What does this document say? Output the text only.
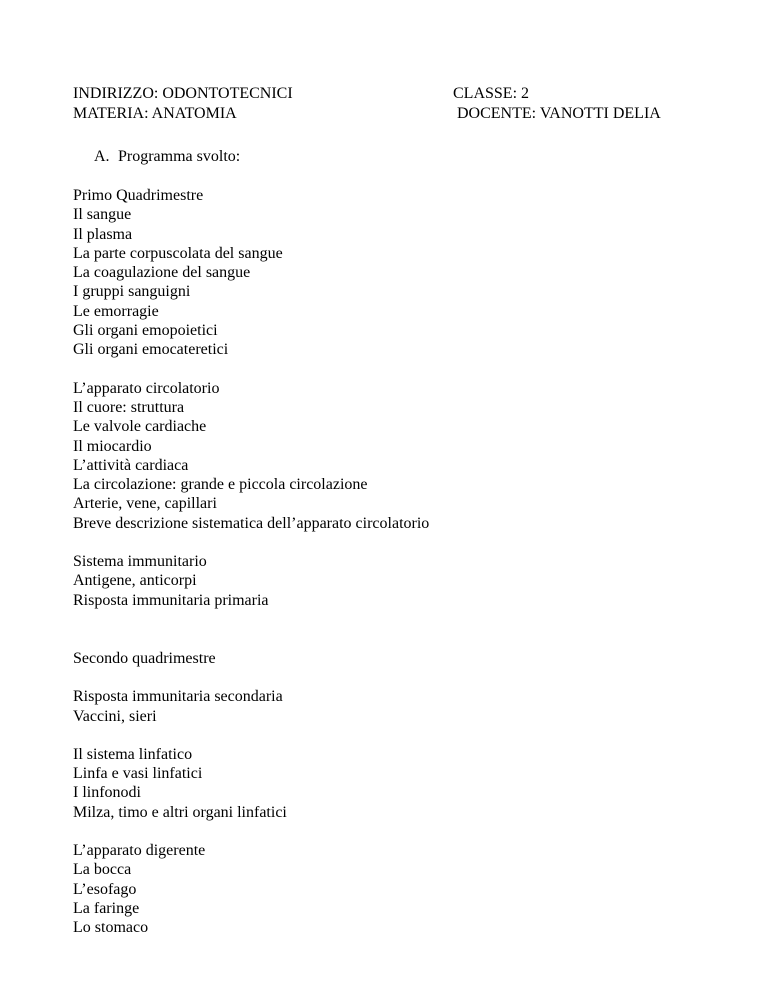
INDIRIZZO: ODONTOTECNICI	CLASSE: 2
MATERIA: ANATOMIA	DOCENTE: VANOTTI DELIA
A. Programma svolto:
Primo Quadrimestre
Il sangue
Il plasma
La parte corpuscolata del sangue
La coagulazione del sangue
I gruppi sanguigni
Le emorragie
Gli organi emopoietici
Gli organi emocateretici
L’apparato circolatorio
Il cuore: struttura
Le valvole cardiache
Il miocardio
L’attività cardiaca
La circolazione: grande e piccola circolazione
Arterie, vene, capillari
Breve descrizione sistematica dell’apparato circolatorio
Sistema immunitario
Antigene, anticorpi
Risposta immunitaria primaria
Secondo quadrimestre
Risposta immunitaria secondaria
Vaccini, sieri
Il sistema linfatico
Linfa e vasi linfatici
I linfonodi
Milza, timo e altri organi linfatici
L’apparato digerente
La bocca
L’esofago
La faringe
Lo stomaco
